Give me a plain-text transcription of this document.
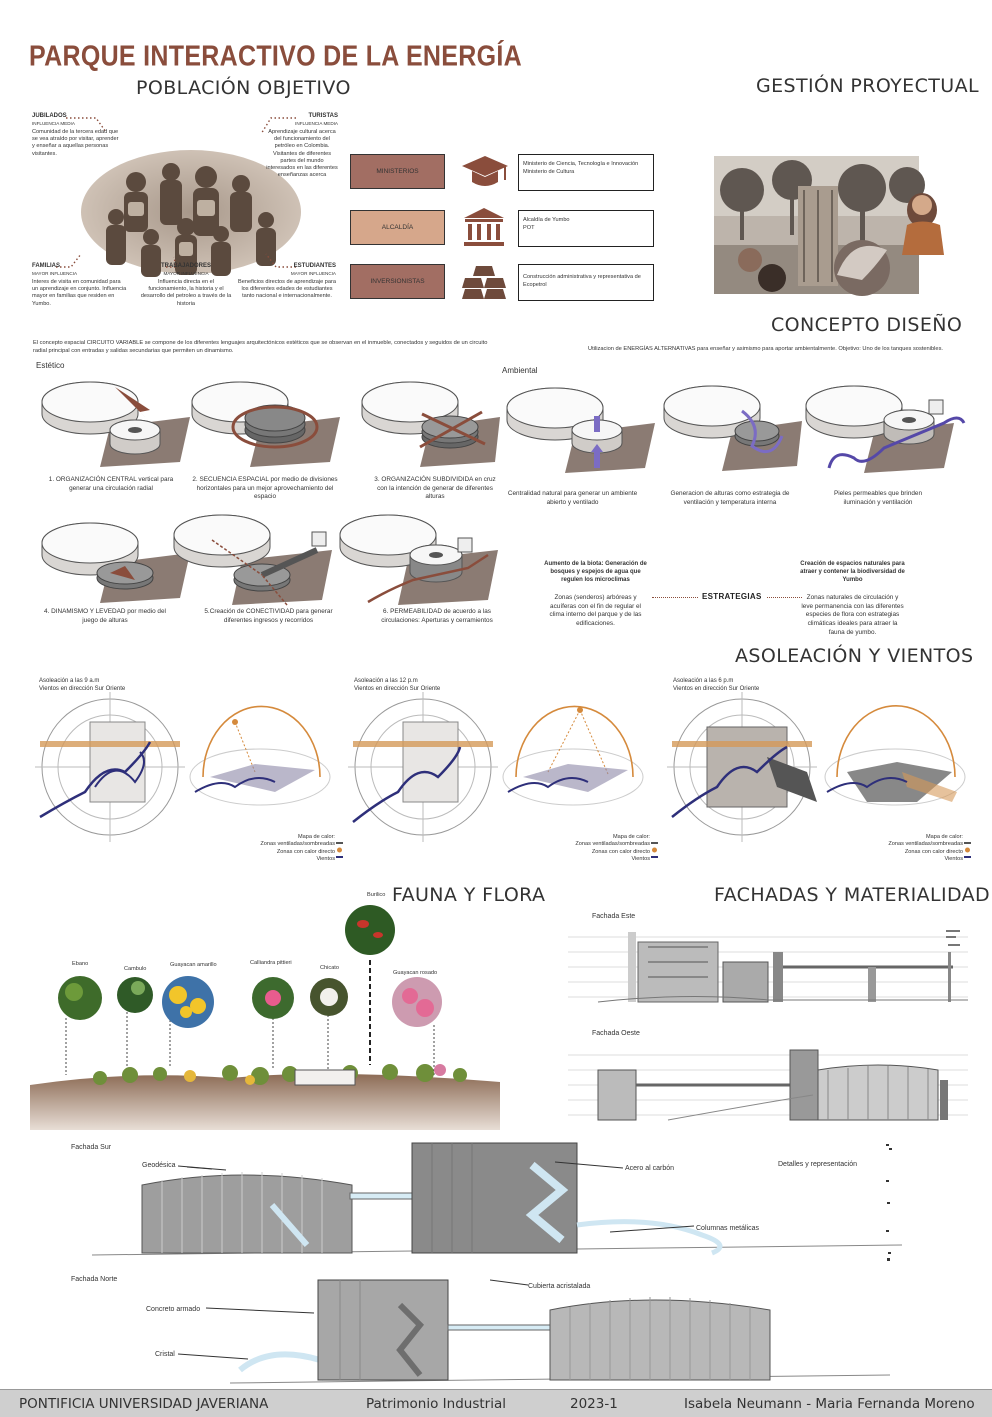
PARQUE INTERACTIVO DE LA ENERGÍA
POBLACIÓN OBJETIVO
JUBILADOS
INFLUENCIA MEDIA
Comunidad de la tercera edad que se vea atraído por visitar, aprender y enseñar a aquellas personas visitantes.
TURISTAS
INFLUENCIA MEDIA
Aprendizaje cultural acerca del funcionamiento del petróleo en Colombia. Visitantes de diferentes partes del mundo interesados en las diferentes enseñanzas acerca
FAMILIAS
MAYOR INFLUENCIA
Interes de visita en comunidad para un aprendizaje en conjunto. Influencia mayor en familias que residen en Yumbo.
TRABAJADORES
MAYOR INFLUENCIA
Influencia directa en el funcionamiento, la historia y el desarrollo del petroleo a través de la historia
ESTUDIANTES
MAYOR INFLUENCIA
Beneficios directos de aprendizaje para los diferentes edades de estudiantes tanto nacional e internacionalmente.
GESTIÓN PROYECTUAL
MINISTERIOS
ALCALDÍA
INVERSIONISTAS
Ministerio de Ciencia, Tecnología e Innovación
Ministerio de Cultura
Alcaldía de Yumbo
POT
Construcción administrativa y representativa de Ecopetrol
CONCEPTO DISEÑO
El concepto espacial CIRCUITO VARIABLE se compone de los diferentes lenguajes arquitectónicos estéticos que se observan en el inmueble, conectados y seguidos de un circuito radial principal con entradas y salidas secundarias que permiten un dinamismo.	Utilizacion de ENERGÍAS ALTERNATIVAS para enseñar y asimismo para aportar ambientalmente. Objetivo: Uno de los tanques sostenibles.
Estético
Ambiental
1. ORGANIZACIÓN CENTRAL vertical para generar una circulación radial
2. SECUENCIA ESPACIAL por medio de divisiones horizontales para un mejor aprovechamiento del espacio
3. ORGANIZACIÓN SUBDIVIDIDA en cruz con la intención de generar de diferentes alturas	Centralidad natural para generar un ambiente abierto y ventilado
Generacion de alturas como estrategia de ventilación y temperatura interna
Pieles permeables que brinden iluminación y ventilación
4. DINAMISMO Y LEVEDAD por medio del juego de alturas
5.Creación de CONECTIVIDAD para generar diferentes ingresos y recorridos
6. PERMEABILIDAD de acuerdo a las circulaciones: Aperturas y cerramientos
Aumento de la biota: Generación de bosques y espejos de agua que regulen los microclimas
Zonas (senderos) arbóreas y acuíferas con el fin de regular el clima interno del parque y de las edificaciones.
ESTRATEGIAS
Creación de espacios naturales para atraer y contener la biodiversidad de Yumbo
Zonas naturales de circulación y leve permanencia con las diferentes especies de flora con estrategias climáticas ideales para atraer la fauna de yumbo.
ASOLEACIÓN Y VIENTOS
Asoleación a las 9 a.m
Vientos en dirección Sur Oriente
Asoleación a las 12 p.m
Vientos en dirección Sur Oriente
Asoleación a las 6 p.m
Vientos en dirección Sur Oriente
Mapa de calor:
Zonas ventiladas/sombreadas
Zonas con calor directo
Vientos
Mapa de calor:
Zonas ventiladas/sombreadas
Zonas con calor directo
Vientos
Mapa de calor:
Zonas ventiladas/sombreadas
Zonas con calor directo
Vientos
FAUNA Y FLORA
Ebano
Cambulo
Guayacan amarillo	Calliandra pittieri
Chicato
Burilico
Guayacan rosado
FACHADAS Y MATERIALIDAD
Fachada Este
Fachada Oeste
Fachada Sur
Geodésica	Acero al carbón
Columnas metálicas
Detalles y representación
Fachada Norte
Cubierta acristalada
Concreto armado
Cristal
PONTIFICIA UNIVERSIDAD JAVERIANA	Patrimonio Industrial	2023-1	Isabela Neumann - Maria Fernanda Moreno
